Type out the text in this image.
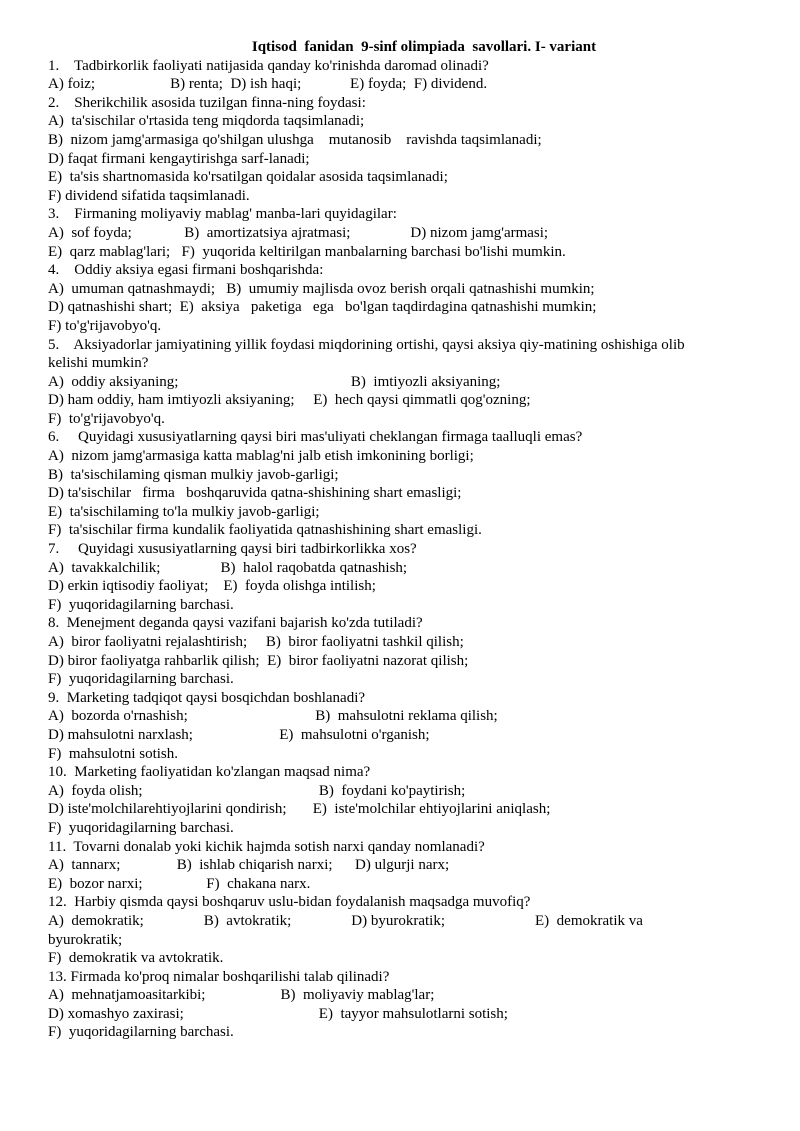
Iqtisod  fanidan  9-sinf olimpiada  savollari. I- variant
1.    Tadbirkorlik faoliyati natijasida qanday ko'rinishda daromad olinadi?
A) foiz;                    B) renta;  D) ish haqi;             E) foyda;  F) dividend.
2.    Sherikchilik asosida tuzilgan finna-ning foydasi:
A)  ta'sischilar o'rtasida teng miqdorda taqsimlanadi;
B)  nizom jamg'armasiga qo'shilgan ulushga    mutanosib    ravishda taqsimlanadi;
D) faqat firmani kengaytirishga sarf-lanadi;
E)  ta'sis shartnomasida ko'rsatilgan qoidalar asosida taqsimlanadi;
F) dividend sifatida taqsimlanadi.
3.    Firmaning moliyaviy mablag' manba-lari quyidagilar:
A)  sof foyda;              B)  amortizatsiya ajratmasi;                D) nizom jamg'armasi;
E)  qarz mablag'lari;   F)  yuqorida keltirilgan manbalarning barchasi bo'lishi mumkin.
4.    Oddiy aksiya egasi firmani boshqarishda:
A)  umuman qatnashmaydi;   B)  umumiy majlisda ovoz berish orqali qatnashishi mumkin;
D) qatnashishi shart;  E)  aksiya   paketiga   ega   bo'lgan taqdirdagina qatnashishi mumkin;
F) to'g'rijavobyo'q.
5.    Aksiyadorlar jamiyatining yillik foydasi miqdorining ortishi, qaysi aksiya qiy-matining oshishiga olib
kelishi mumkin?
A)  oddiy aksiyaning;                                              B)  imtiyozli aksiyaning;
D) ham oddiy, ham imtiyozli aksiyaning;     E)  hech qaysi qimmatli qog'ozning;
F)  to'g'rijavobyo'q.
6.     Quyidagi xususiyatlarning qaysi biri mas'uliyati cheklangan firmaga taalluqli emas?
A)  nizom jamg'armasiga katta mablag'ni jalb etish imkonining borligi;
B)  ta'sischilaming qisman mulkiy javob-garligi;
D) ta'sischilar   firma   boshqaruvida qatna-shishining shart emasligi;
E)  ta'sischilaming to'la mulkiy javob-garligi;
F)  ta'sischilar firma kundalik faoliyatida qatnashishining shart emasligi.
7.     Quyidagi xususiyatlarning qaysi biri tadbirkorlikka xos?
A)  tavakkalchilik;                B)  halol raqobatda qatnashish;
D) erkin iqtisodiy faoliyat;    E)  foyda olishga intilish;
F)  yuqoridagilarning barchasi.
8.  Menejment deganda qaysi vazifani bajarish ko'zda tutiladi?
A)  biror faoliyatni rejalashtirish;     B)  biror faoliyatni tashkil qilish;
D) biror faoliyatga rahbarlik qilish;  E)  biror faoliyatni nazorat qilish;
F)  yuqoridagilarning barchasi.
9.  Marketing tadqiqot qaysi bosqichdan boshlanadi?
A)  bozorda o'rnashish;                                  B)  mahsulotni reklama qilish;
D) mahsulotni narxlash;                       E)  mahsulotni o'rganish;
F)  mahsulotni sotish.
10.  Marketing faoliyatidan ko'zlangan maqsad nima?
A)  foyda olish;                                               B)  foydani ko'paytirish;
D) iste'molchilarehtiyojlarini qondirish;       E)  iste'molchilar ehtiyojlarini aniqlash;
F)  yuqoridagilarning barchasi.
11.  Tovarni donalab yoki kichik hajmda sotish narxi qanday nomlanadi?
A)  tannarx;               B)  ishlab chiqarish narxi;      D) ulgurji narx;
E)  bozor narxi;                 F)  chakana narx.
12.  Harbiy qismda qaysi boshqaruv uslu-bidan foydalanish maqsadga muvofiq?
A)  demokratik;                B)  avtokratik;                D) byurokratik;                        E)  demokratik va
byurokratik;
F)  demokratik va avtokratik.
13. Firmada ko'proq nimalar boshqarilishi talab qilinadi?
A)  mehnatjamoasitarkibi;                    B)  moliyaviy mablag'lar;
D) xomashyo zaxirasi;                                    E)  tayyor mahsulotlarni sotish;
F)  yuqoridagilarning barchasi.
